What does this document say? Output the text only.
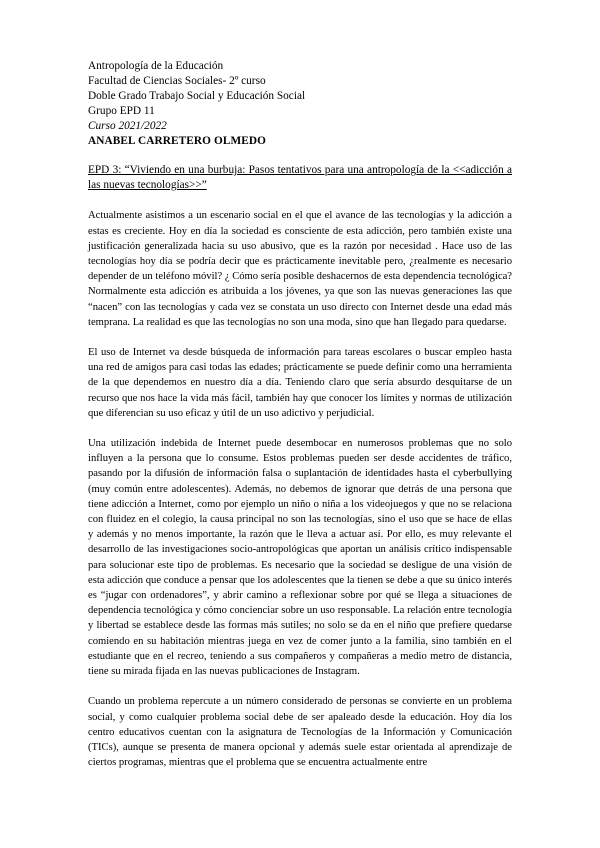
Antropología de la Educación
Facultad de Ciencias Sociales- 2º curso
Doble Grado Trabajo Social y Educación Social
Grupo EPD 11
Curso 2021/2022
ANABEL CARRETERO OLMEDO
EPD 3: “Viviendo en una burbuja: Pasos tentativos para una antropología de la <<adicción a las nuevas tecnologías>>”

Actualmente asistimos a un escenario social en el que el avance de las tecnologías y la adicción a estas es creciente. Hoy en día la sociedad es consciente de esta adicción, pero también existe una justificación generalizada hacia su uso abusivo, que es la razón por necesidad . Hace uso de las tecnologías hoy día se podría decir que es prácticamente inevitable pero, ¿realmente es necesario depender de un teléfono móvil? ¿ Cómo sería posible deshacernos de esta dependencia tecnológica? Normalmente esta adicción es atribuida a los jóvenes, ya que son las nuevas generaciones las que “nacen” con las tecnologías y cada vez se constata un uso directo con Internet desde una edad más temprana. La realidad es que las tecnologías no son una moda, sino que han llegado para quedarse.

El uso de Internet va desde búsqueda de información para tareas escolares o buscar empleo hasta una red de amigos para casi todas las edades; prácticamente se puede definir como una herramienta de la que dependemos en nuestro día a día. Teniendo claro que sería absurdo desquitarse de un recurso que nos hace la vida más fácil, también hay que conocer los límites y normas de utilización que diferencian su uso eficaz y útil de un uso adictivo y perjudicial.

Una utilización indebida de Internet puede desembocar en numerosos problemas que no solo influyen a la persona que lo consume. Estos problemas pueden ser desde accidentes de tráfico, pasando por la difusión de información falsa o suplantación de identidades hasta el cyberbullying (muy común entre adolescentes). Además, no debemos de ignorar que detrás de una persona que tiene adicción a Internet, como por ejemplo un niño o niña a los videojuegos y que no se relaciona con fluidez en el colegio, la causa principal no son las tecnologías, sino el uso que se hace de ellas y además y no menos importante, la razón que le lleva a actuar así. Por ello, es muy relevante el desarrollo de las investigaciones socio-antropológicas que aportan un análisis crítico indispensable para solucionar este tipo de problemas. Es necesario que la sociedad se desligue de una visión de esta adicción que conduce a pensar que los adolescentes que la tienen se debe a que su único interés es “jugar con ordenadores”, y abrir camino a reflexionar sobre por qué se llega a situaciones de dependencia tecnológica y cómo concienciar sobre un uso responsable. La relación entre tecnología y libertad se establece desde las formas más sutiles; no solo se da en el niño que prefiere quedarse comiendo en su habitación mientras juega en vez de comer junto a la familia, sino también en el estudiante que en el recreo, teniendo a sus compañeros y compañeras a medio metro de distancia, tiene su mirada fijada en las nuevas publicaciones de Instagram.

Cuando un problema repercute a un número considerado de personas se convierte en un problema social, y como cualquier problema social debe de ser apaleado desde la educación. Hoy día los centro educativos cuentan con la asignatura de Tecnologías de la Información y Comunicación (TICs), aunque se presenta de manera opcional y además suele estar orientada al aprendizaje de ciertos programas, mientras que el problema que se encuentra actualmente entre
